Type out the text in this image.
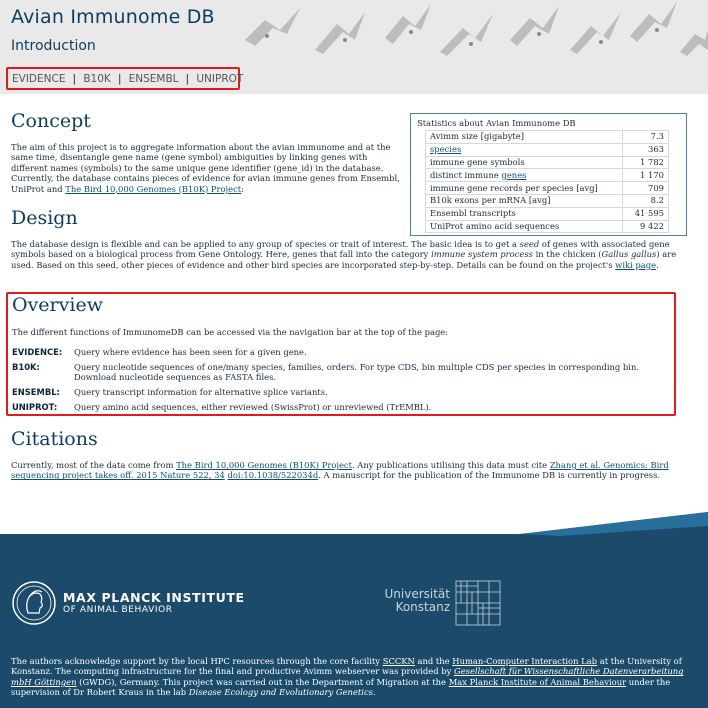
Avian Immunome DB
Introduction
EVIDENCE | B10K | ENSEMBL | UNIPROT
Concept

The aim of this project is to aggregate information about the avian immunome and at the same time, disentangle gene name (gene symbol) ambiguities by linking genes with different names (symbols) to the same unique gene identifier (gene_id) in the database. Currently, the database contains pieces of evidence for avian immune genes from Ensembl, UniProt and The Bird 10,000 Genomes (B10K) Project:

Statistics about Avian Immunome DB
Avimm size [gigabyte]	7.3
species	363
immune gene symbols	1 782
distinct immune genes	1 170
immune gene records per species [avg]	709
B10k exons per mRNA [avg]	8.2
Ensembl transcripts	41 595
UniProt amino acid sequences	9 422
Design

The database design is flexible and can be applied to any group of species or trait of interest. The basic idea is to get a seed of genes with associated gene symbols based on a biological process from Gene Ontology. Here, genes that fall into the category immune system process in the chicken (Gallus gallus) are used. Based on this seed, other pieces of evidence and other bird species are incorporated step-by-step. Details can be found on the project's wiki page.

Overview

The different functions of ImmunomeDB can be accessed via the navigation bar at the top of the page:

EVIDENCE: Query where evidence has been seen for a given gene.
B10K:	Query nucleotide sequences of one/many species, families, orders. For type CDS, bin multiple CDS per species in corresponding bin. Download nucleotide sequences as FASTA files.
ENSEMBL: Query transcript information for alternative splice variants.
UNIPROT: Query amino acid sequences, either reviewed (SwissProt) or unreviewed (TrEMBL).
Citations

Currently, most of the data come from The Bird 10,000 Genomes (B10K) Project. Any publications utilising this data must cite Zhang et al. Genomics: Bird sequencing project takes off. 2015 Nature 522, 34 doi:10.1038/522034d. A manuscript for the publication of the Immunome DB is currently in progress.

MAX PLANCK INSTITUTE
OF ANIMAL BEHAVIOR
Universität
Konstanz

The authors acknowledge support by the local HPC resources through the core facility SCCKN and the Human-Computer Interaction Lab at the University of Konstanz. The computing infrastructure for the final and productive Avimm webserver was provided by Gesellschaft für Wissenschaftliche Datenverarbeitung mbH Göttingen (GWDG), Germany. This project was carried out in the Department of Migration at the Max Planck Institute of Animal Behaviour under the supervision of Dr Robert Kraus in the lab Disease Ecology and Evolutionary Genetics.
